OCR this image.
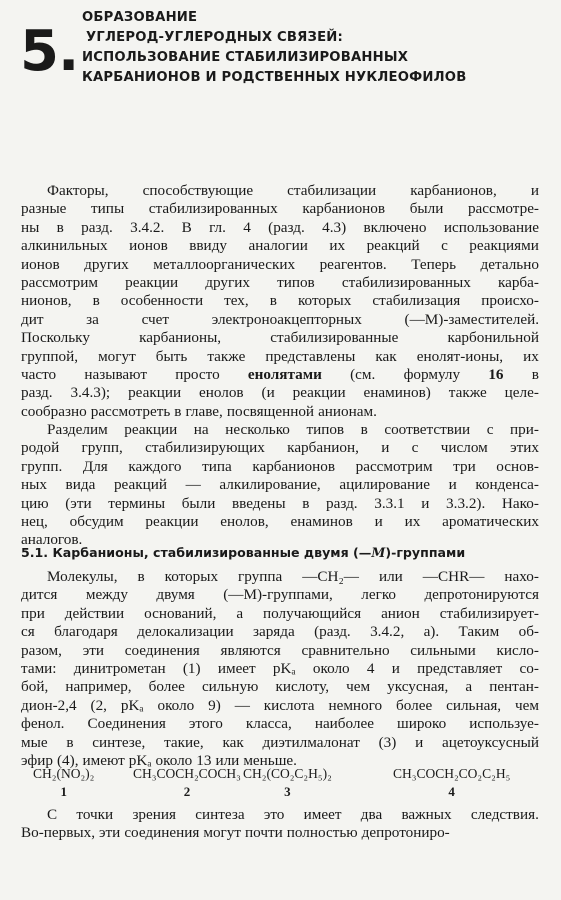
5.
ОБРАЗОВАНИЕ
УГЛЕРОД-УГЛЕРОДНЫХ СВЯЗЕЙ:
ИСПОЛЬЗОВАНИЕ СТАБИЛИЗИРОВАННЫХ
КАРБАНИОНОВ И РОДСТВЕННЫХ НУКЛЕОФИЛОВ
Факторы, способствующие стабилизации карбанионов, и
разные типы стабилизированных карбанионов были рассмотре-
ны в разд. 3.4.2. В гл. 4 (разд. 4.3) включено использование
алкинильных ионов ввиду аналогии их реакций с реакциями
ионов других металлоорганических реагентов. Теперь детально
рассмотрим реакции других типов стабилизированных карба-
нионов, в особенности тех, в которых стабилизация происхо-
дит	за	счет	электроноакцепторных	(—M)-заместителей.
Поскольку	карбанионы,	стабилизированные	карбонильной
группой, могут быть также представлены как енолят-ионы, их
часто называют просто енолятами (см. формулу 16 в
разд. 3.4.3); реакции енолов (и реакции енаминов) также целе-
сообразно рассмотреть в главе, посвященной анионам.
Разделим реакции на несколько типов в соответствии с при-
родой групп, стабилизирующих карбанион, и с числом этих
групп. Для каждого типа карбанионов рассмотрим три основ-
ных вида реакций — алкилирование, ацилирование и конденса-
цию (эти термины были введены в разд. 3.3.1 и 3.3.2). Нако-
нец, обсудим реакции енолов, енаминов и их ароматических
аналогов.
5.1. Карбанионы, стабилизированные двумя (—M)-группами
Молекулы, в которых группа —CH₂— или —CHR— нахо-
дится между двумя (—M)-группами, легко депротонируются
при действии оснований, а получающийся анион стабилизирует-
ся благодаря делокализации заряда (разд. 3.4.2, а). Таким об-
разом, эти соединения являются сравнительно сильными кисло-
тами: динитрометан (1) имеет pKₐ около 4 и представляет со-
бой, например, более сильную кислоту, чем уксусная, а пентан-
дион-2,4 (2, pKₐ около 9) — кислота немного более сильная, чем
фенол. Соединения этого класса, наиболее широко используе-
мые в синтезе, такие, как диэтилмалонат (3) и ацетоуксусный
эфир (4), имеют pKₐ около 13 или меньше.
CH₂(NO₂)₂
1
CH₃COCH₂COCH₃
2
CH₂(CO₂C₂H₅)₂
3
CH₃COCH₂CO₂C₂H₅
4
С точки зрения синтеза это имеет два важных следствия.
Во-первых, эти соединения могут почти полностью депротониро-
